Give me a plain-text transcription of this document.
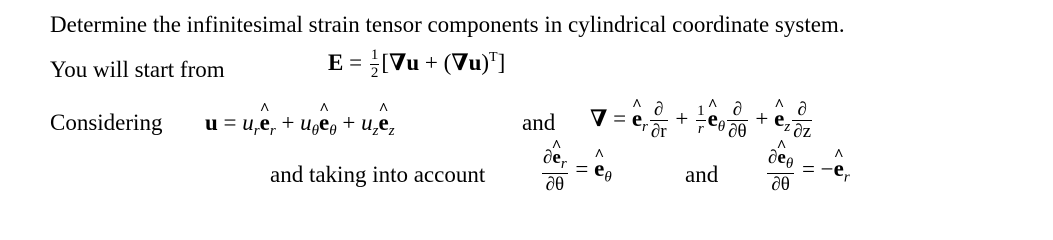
Determine the infinitesimal strain tensor components in cylindrical coordinate system.
You will start from	$E = \frac{1}{2} [\nabla u + (\nabla u)^T]$
Considering $u = u_r\^{}$ $e_r$ + $u_\theta\^{}$ $e_\theta$ + $u_z\^{}$ $e_z$	and ∇ = ^ $e_r \frac{\partial}{\partial r} + \frac{1}{r}$
^ $e_\theta \frac{\partial}{\partial\theta}$ + ^ $e_z \frac{\partial}{\partial z}$
and taking into account	$\frac{\partial\^{} e_r}{\partial\theta}$ = ^ $e_\theta$	and	$\frac{\partial\^{} e_\theta}{\partial\theta}$ = −^ $e_r$
